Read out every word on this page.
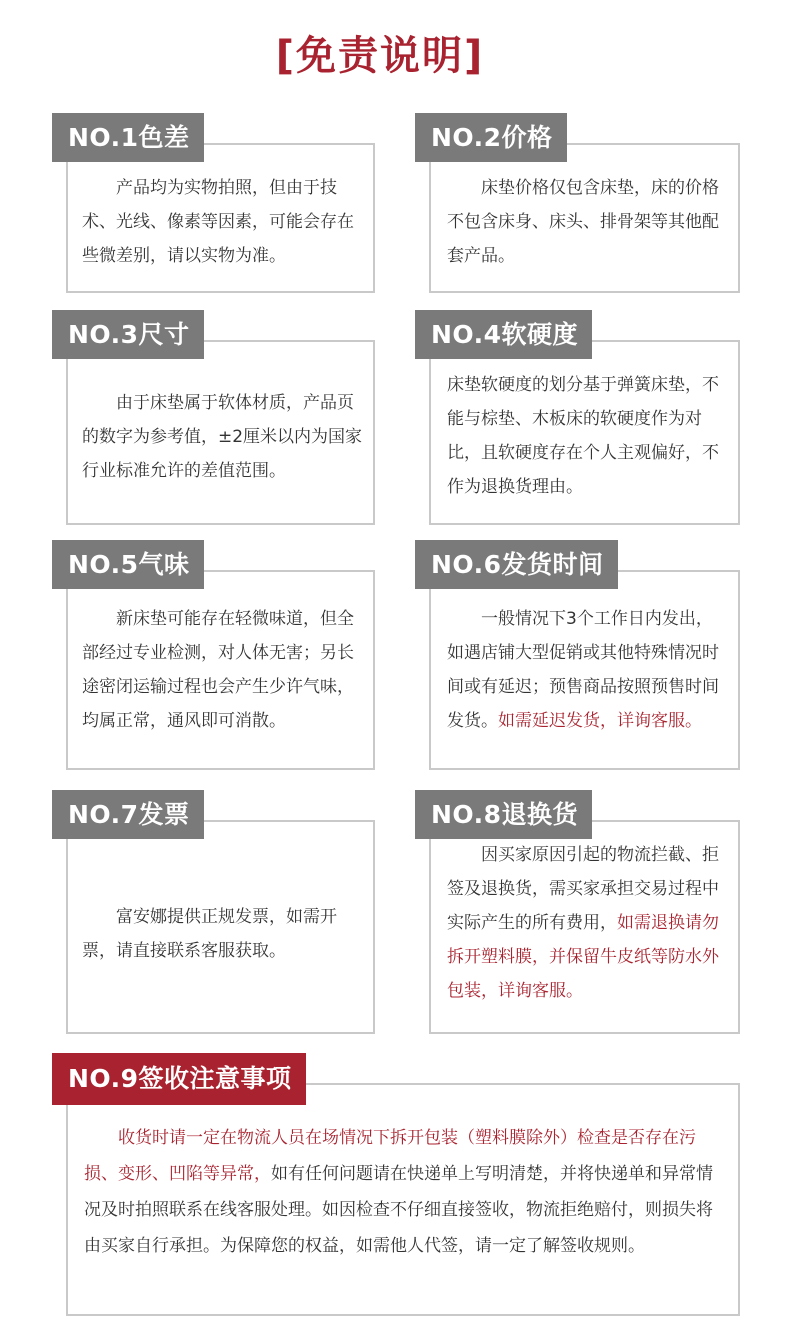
[免责说明]
NO.1色差
产品均为实物拍照，但由于技术、光线、像素等因素，可能会存在些微差别，请以实物为准。
NO.2价格
床垫价格仅包含床垫，床的价格不包含床身、床头、排骨架等其他配套产品。
NO.3尺寸
由于床垫属于软体材质，产品页的数字为参考值，±2厘米以内为国家行业标准允许的差值范围。
NO.4软硬度
床垫软硬度的划分基于弹簧床垫，不能与棕垫、木板床的软硬度作为对比，且软硬度存在个人主观偏好，不作为退换货理由。
NO.5气味
新床垫可能存在轻微味道，但全部经过专业检测，对人体无害；另长途密闭运输过程也会产生少许气味，均属正常，通风即可消散。
NO.6发货时间
一般情况下3个工作日内发出，如遇店铺大型促销或其他特殊情况时间或有延迟；预售商品按照预售时间发货。如需延迟发货，详询客服。
NO.7发票
富安娜提供正规发票，如需开票，请直接联系客服获取。
NO.8退换货
因买家原因引起的物流拦截、拒签及退换货，需买家承担交易过程中实际产生的所有费用，如需退换请勿拆开塑料膜，并保留牛皮纸等防水外包装，详询客服。
NO.9签收注意事项
收货时请一定在物流人员在场情况下拆开包装（塑料膜除外）检查是否存在污损、变形、凹陷等异常，如有任何问题请在快递单上写明清楚，并将快递单和异常情况及时拍照联系在线客服处理。如因检查不仔细直接签收，物流拒绝赔付，则损失将由买家自行承担。为保障您的权益，如需他人代签，请一定了解签收规则。
